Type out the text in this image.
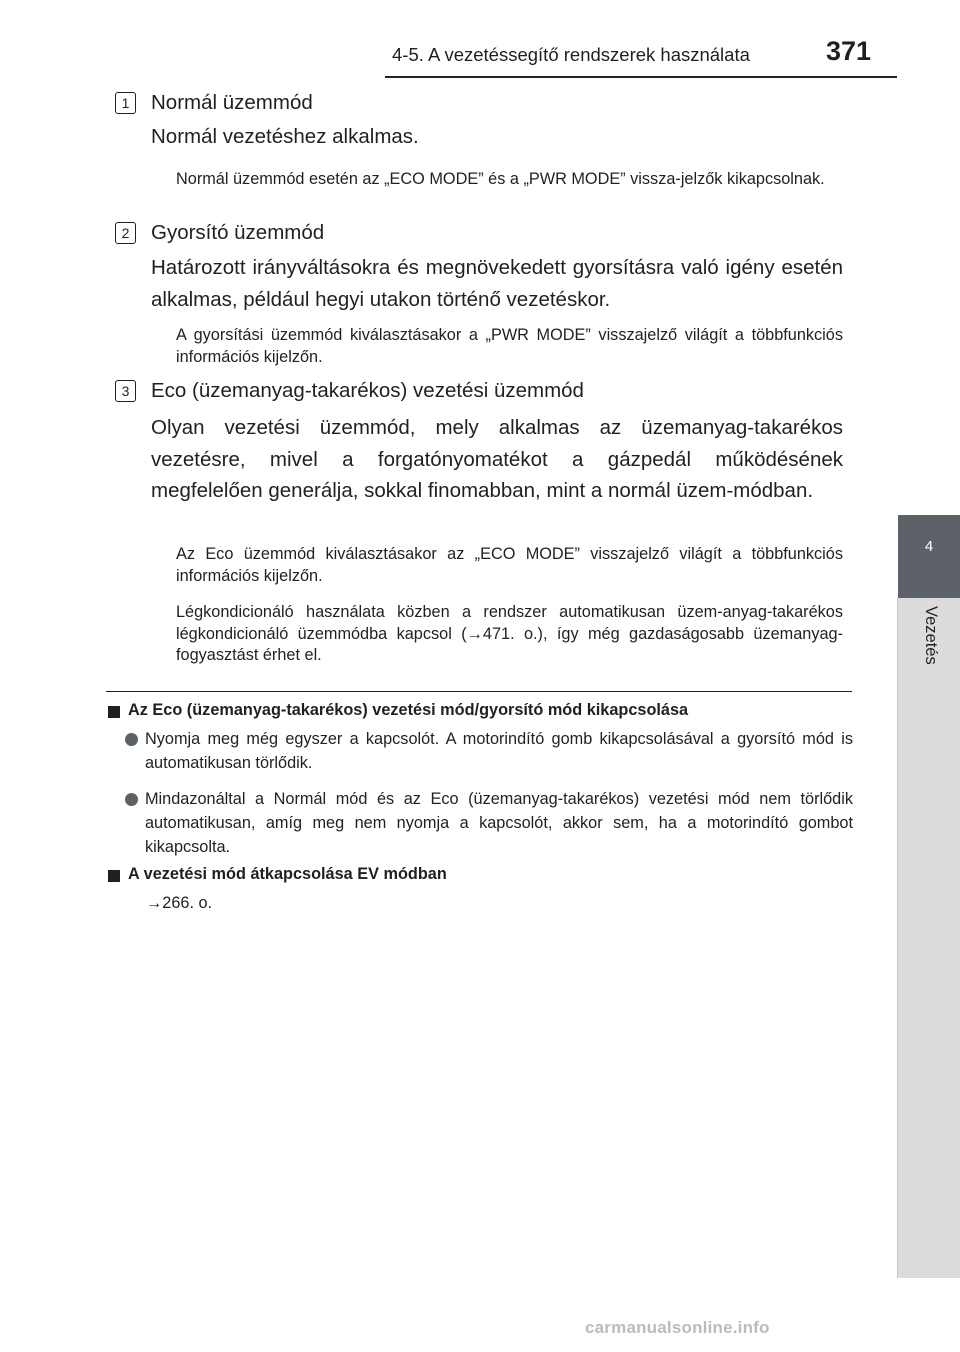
4-5. A vezetéssegítő rendszerek használata	371
4
Vezetés
1	Normál üzemmód
Normál vezetéshez alkalmas.
Normál üzemmód esetén az „ECO MODE” és a „PWR MODE” vissza-jelzők kikapcsolnak.
2	Gyorsító üzemmód
Határozott irányváltásokra és megnövekedett gyorsításra való igény esetén alkalmas, például hegyi utakon történő vezetéskor.
A gyorsítási üzemmód kiválasztásakor a „PWR MODE” visszajelző világít a többfunkciós információs kijelzőn.
3	Eco (üzemanyag-takarékos) vezetési üzemmód
Olyan vezetési üzemmód, mely alkalmas az üzemanyag-takarékos vezetésre, mivel a forgatónyomatékot a gázpedál működésének megfelelően generálja, sokkal finomabban, mint a normál üzem-módban.
Az Eco üzemmód kiválasztásakor az „ECO MODE” visszajelző világít a többfunkciós információs kijelzőn.
Légkondicionáló használata közben a rendszer automatikusan üzem-anyag-takarékos légkondicionáló üzemmódba kapcsol (→471. o.), így még gazdaságosabb üzemanyag-fogyasztást érhet el.
Az Eco (üzemanyag-takarékos) vezetési mód/gyorsító mód kikapcsolása
Nyomja meg még egyszer a kapcsolót. A motorindító gomb kikapcsolásával a gyorsító mód is automatikusan törlődik.
Mindazonáltal a Normál mód és az Eco (üzemanyag-takarékos) vezetési mód nem törlődik automatikusan, amíg meg nem nyomja a kapcsolót, akkor sem, ha a motorindító gombot kikapcsolta.
A vezetési mód átkapcsolása EV módban
→266. o.
carmanualsonline.info
